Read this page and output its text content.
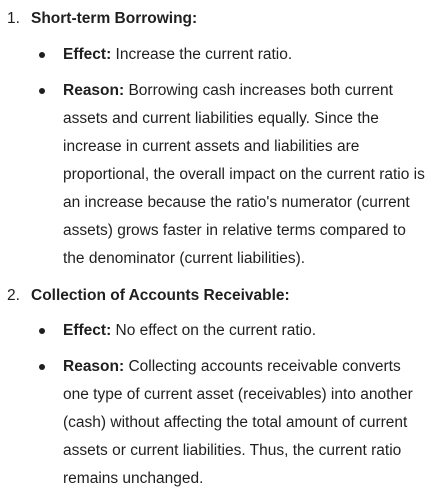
1. Short-term Borrowing:
Effect: Increase the current ratio.
Reason: Borrowing cash increases both current assets and current liabilities equally. Since the increase in current assets and liabilities are proportional, the overall impact on the current ratio is an increase because the ratio's numerator (current assets) grows faster in relative terms compared to the denominator (current liabilities).
2. Collection of Accounts Receivable:
Effect: No effect on the current ratio.
Reason: Collecting accounts receivable converts one type of current asset (receivables) into another (cash) without affecting the total amount of current assets or current liabilities. Thus, the current ratio remains unchanged.
